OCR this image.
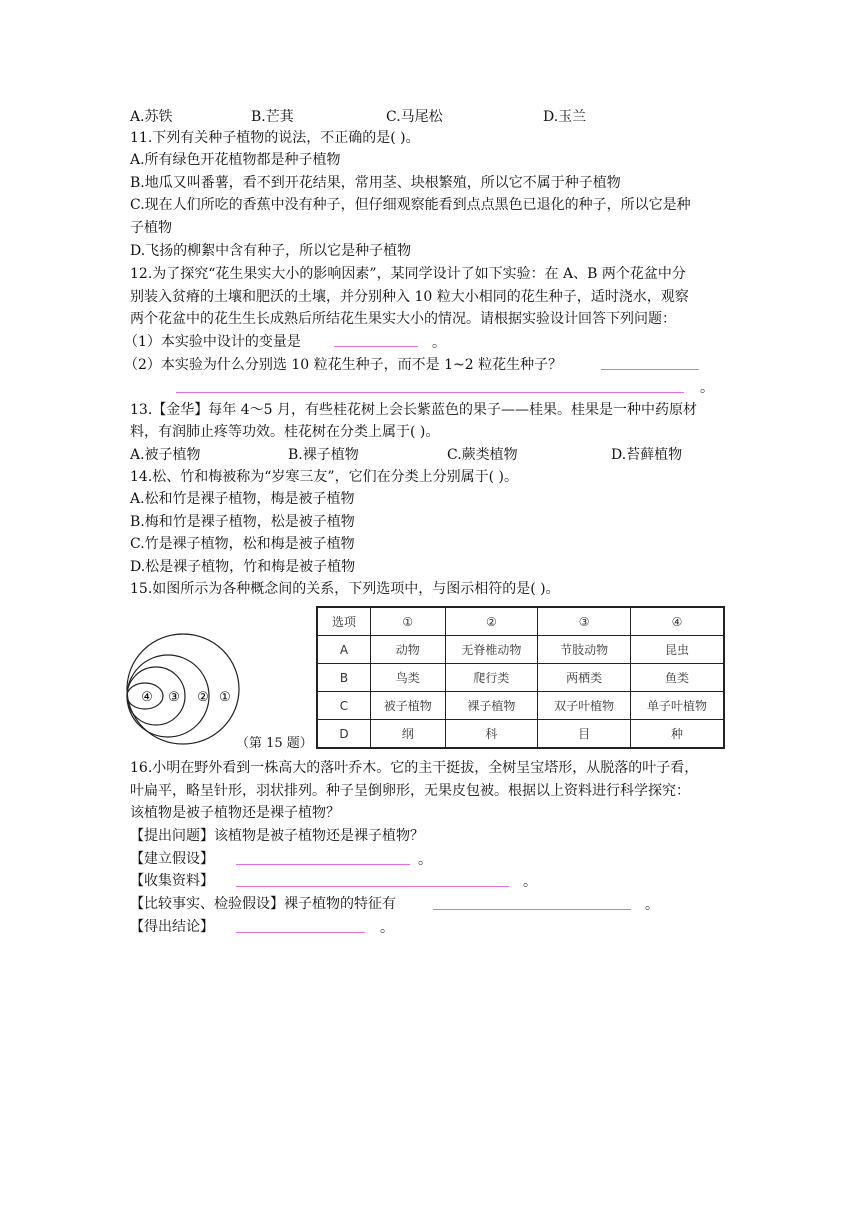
A.苏铁	B.芒萁	C.马尾松	D.玉兰
11.下列有关种子植物的说法，不正确的是( )。
A.所有绿色开花植物都是种子植物
B.地瓜又叫番薯，看不到开花结果，常用茎、块根繁殖，所以它不属于种子植物
C.现在人们所吃的香蕉中没有种子，但仔细观察能看到点点黑色已退化的种子，所以它是种
子植物
D.飞扬的柳絮中含有种子，所以它是种子植物
12.为了探究“花生果实大小的影响因素”，某同学设计了如下实验：在 A、B 两个花盆中分
别装入贫瘠的土壤和肥沃的土壤，并分别种入 10 粒大小相同的花生种子，适时浇水，观察
两个花盆中的花生生长成熟后所结花生果实大小的情况。请根据实验设计回答下列问题：
（1）本实验中设计的变量是	。
（2）本实验为什么分别选 10 粒花生种子，而不是 1~2 粒花生种子？
。
13.【金华】每年 4～5 月，有些桂花树上会长紫蓝色的果子——桂果。桂果是一种中药原材
料，有润肺止疼等功效。桂花树在分类上属于( )。
A.被子植物	B.裸子植物	C.蕨类植物	D.苔藓植物
14.松、竹和梅被称为“岁寒三友”，它们在分类上分别属于( )。
A.松和竹是裸子植物，梅是被子植物
B.梅和竹是裸子植物，松是被子植物
C.竹是裸子植物，松和梅是被子植物
D.松是裸子植物，竹和梅是被子植物
15.如图所示为各种概念间的关系，下列选项中，与图示相符的是( )。
④ ③ ② ①
（第 15 题）
选项	①	②	③	④
A	动物	无脊椎动物	节肢动物	昆虫
B	鸟类	爬行类	两栖类	鱼类
C	被子植物	裸子植物	双子叶植物	单子叶植物
D	纲	科	目	种
16.小明在野外看到一株高大的落叶乔木。它的主干挺拔，全树呈宝塔形，从脱落的叶子看，
叶扁平，略呈针形，羽状排列。种子呈倒卵形，无果皮包被。根据以上资料进行科学探究：
该植物是被子植物还是裸子植物？
【提出问题】该植物是被子植物还是裸子植物？
【建立假设】	。
【收集资料】	。
【比较事实、检验假设】裸子植物的特征有	。
【得出结论】	。
